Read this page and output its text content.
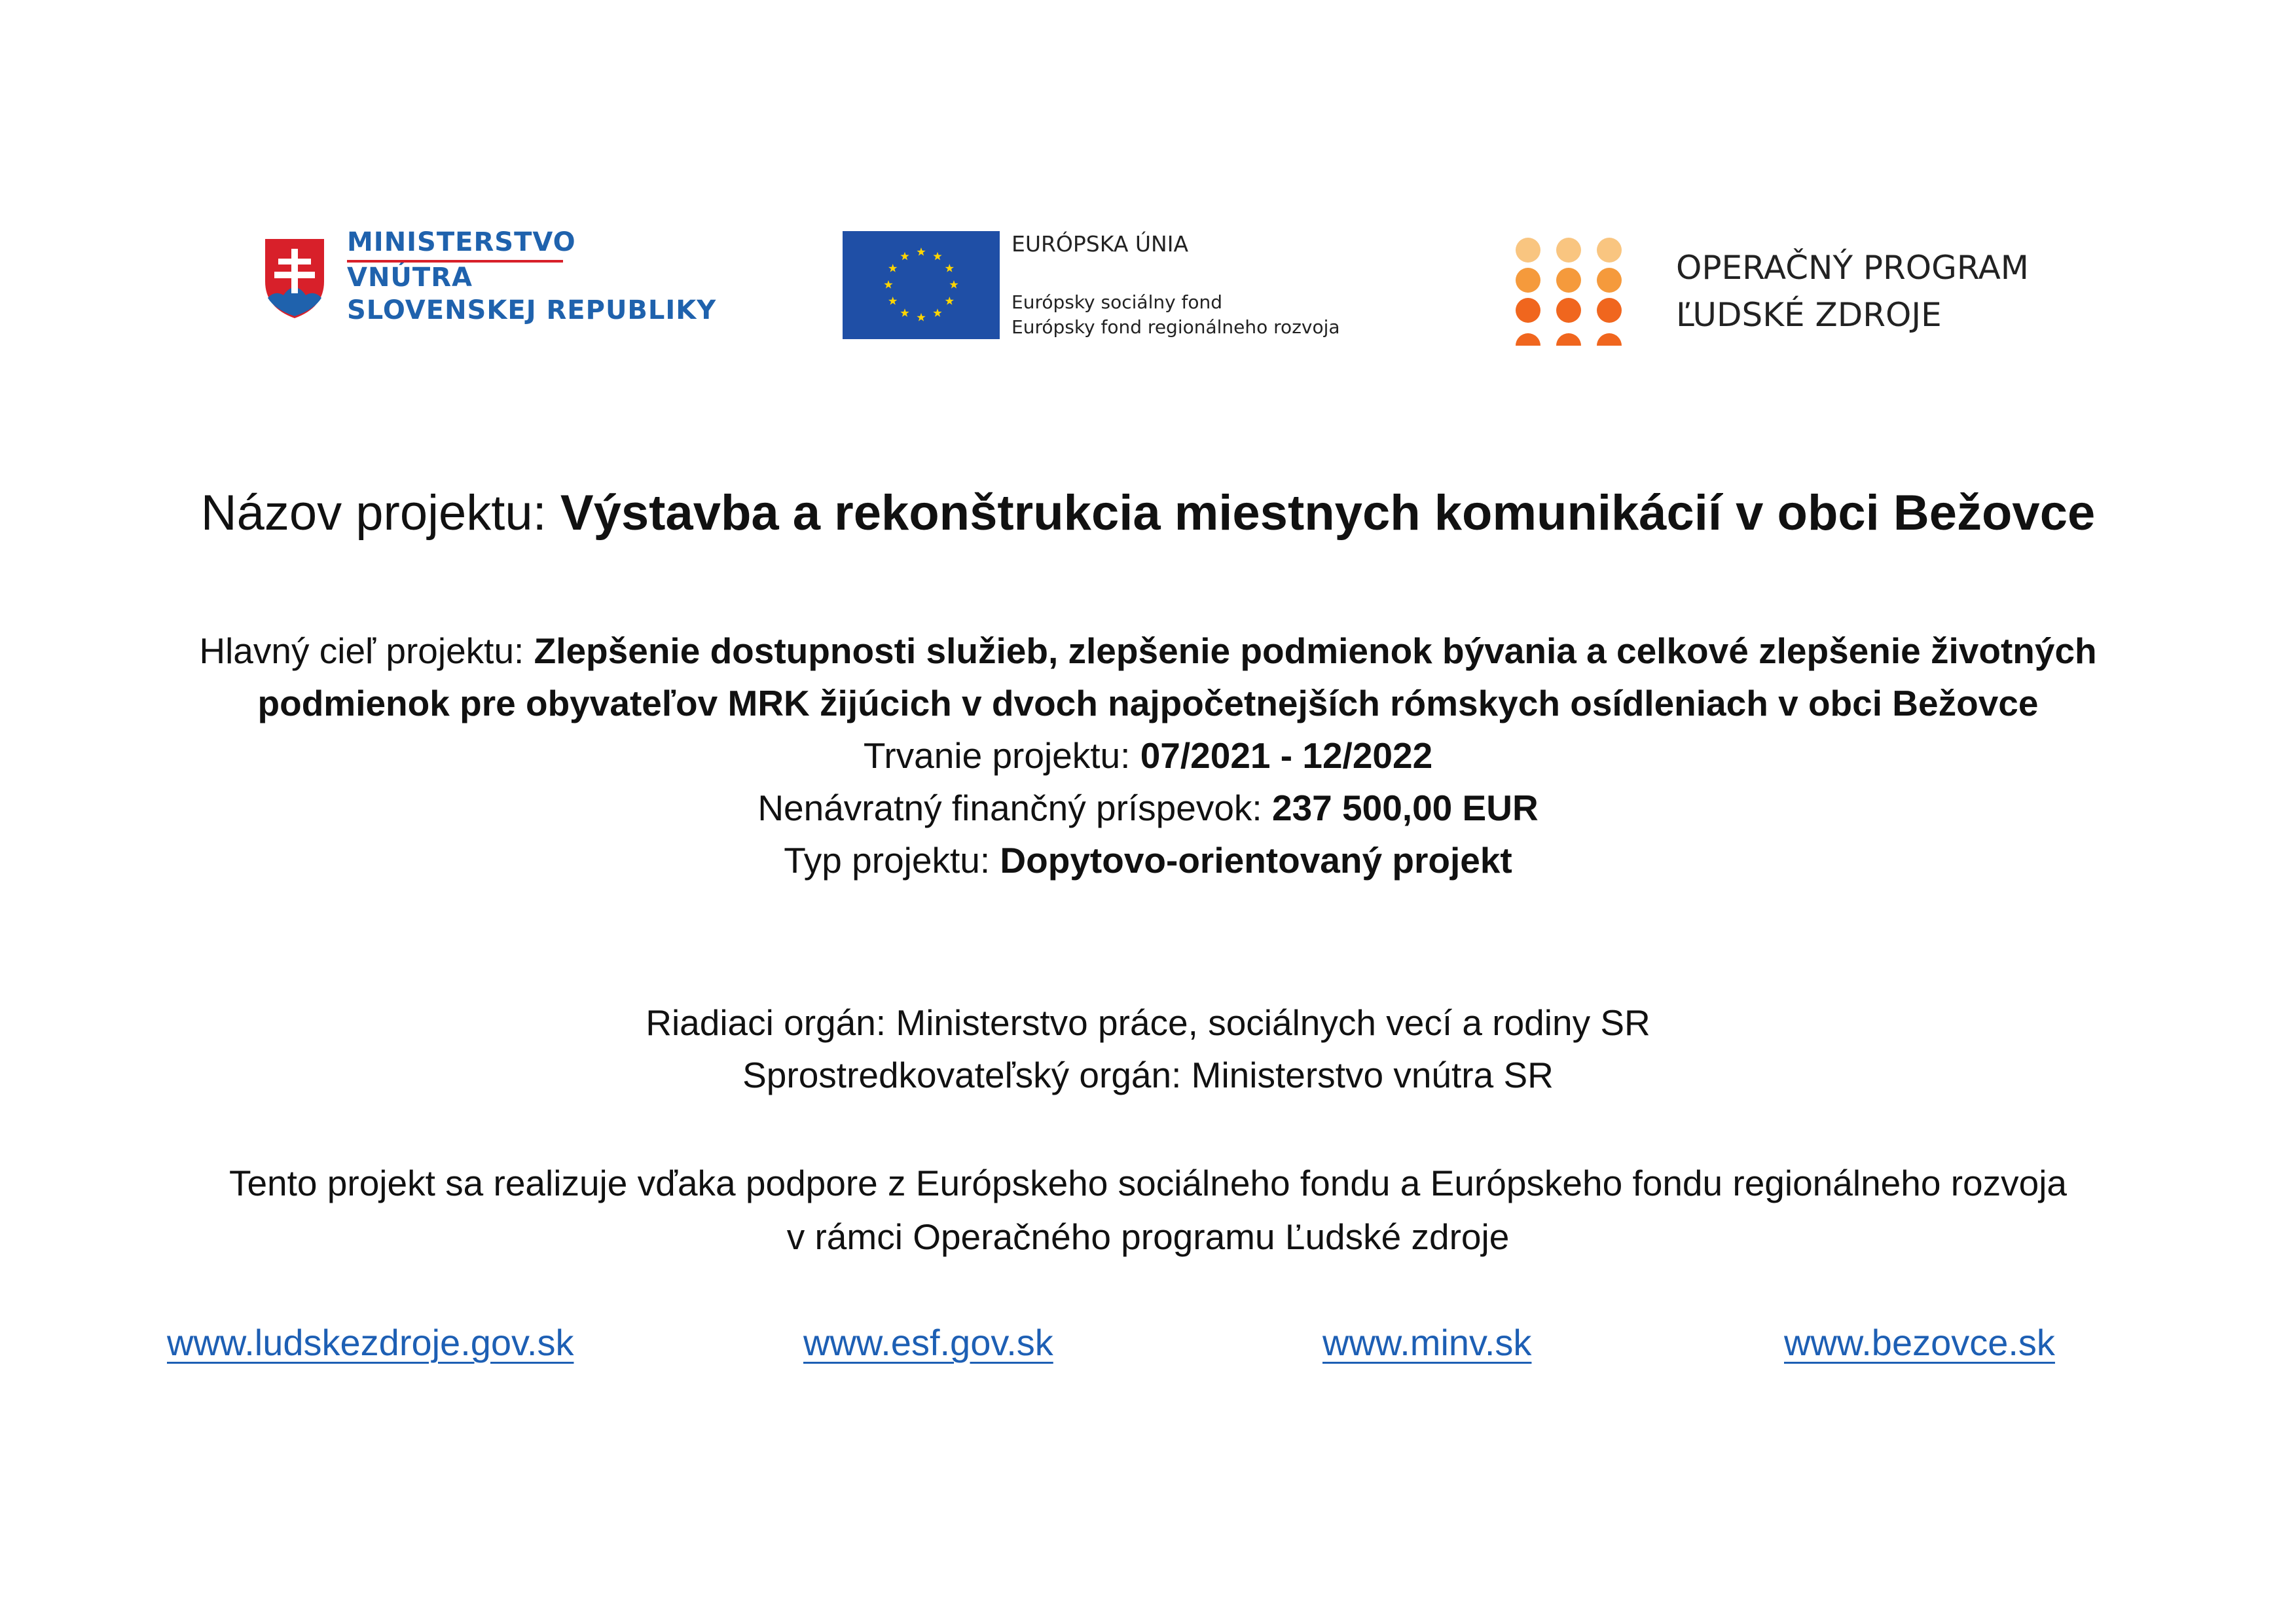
MINISTERSTVO
VNÚTRA
SLOVENSKEJ REPUBLIKY
EURÓPSKA ÚNIA
Európsky sociálny fond
Európsky fond regionálneho rozvoja
OPERAČNÝ PROGRAM
ĽUDSKÉ ZDROJE
Názov projektu: Výstavba a rekonštrukcia miestnych komunikácií v obci Bežovce
Hlavný cieľ projektu: Zlepšenie dostupnosti služieb, zlepšenie podmienok bývania a celkové zlepšenie životných
podmienok pre obyvateľov MRK žijúcich v dvoch najpočetnejších rómskych osídleniach v obci Bežovce
Trvanie projektu: 07/2021 - 12/2022
Nenávratný finančný príspevok: 237 500,00 EUR
Typ projektu: Dopytovo-orientovaný projekt
Riadiaci orgán: Ministerstvo práce, sociálnych vecí a rodiny SR
Sprostredkovateľský orgán: Ministerstvo vnútra SR
Tento projekt sa realizuje vďaka podpore z Európskeho sociálneho fondu a Európskeho fondu regionálneho rozvoja
v rámci Operačného programu Ľudské zdroje
www.ludskezdroje.gov.sk	www.esf.gov.sk	www.minv.sk	www.bezovce.sk
